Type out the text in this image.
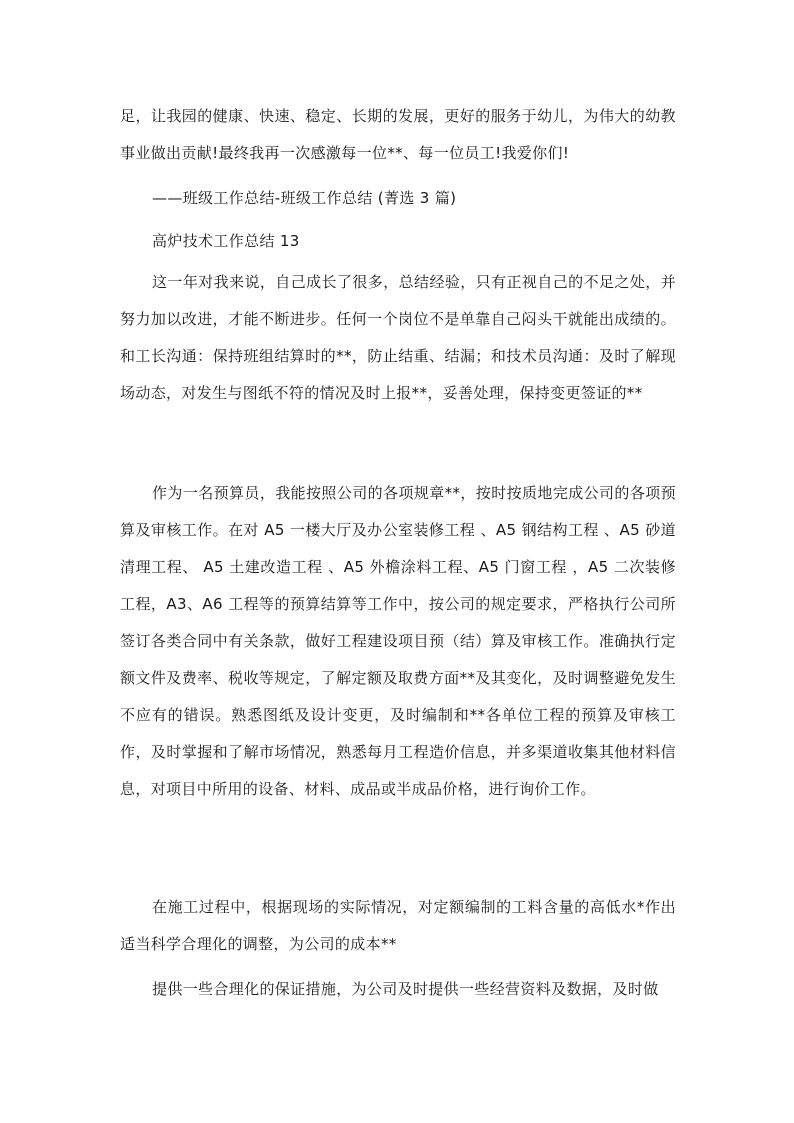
足，让我园的健康、快速、稳定、长期的发展，更好的服务于幼儿，为伟大的幼教事业做出贡献!最终我再一次感激每一位**、每一位员工!我爱你们!

——班级工作总结-班级工作总结 (菁选 3 篇)

高炉技术工作总结 13

这一年对我来说，自己成长了很多，总结经验，只有正视自己的不足之处，并努力加以改进，才能不断进步。任何一个岗位不是单靠自己闷头干就能出成绩的。和工长沟通：保持班组结算时的**，防止结重、结漏；和技术员沟通：及时了解现场动态，对发生与图纸不符的情况及时上报**，妥善处理，保持变更签证的**

作为一名预算员，我能按照公司的各项规章**，按时按质地完成公司的各项预算及审核工作。在对 A5 一楼大厅及办公室装修工程 、A5 钢结构工程 、A5 砂道清理工程、 A5 土建改造工程 、A5 外檐涂料工程、A5 门窗工程 ，A5 二次装修工程，A3、A6 工程等的预算结算等工作中，按公司的规定要求，严格执行公司所签订各类合同中有关条款，做好工程建设项目预（结）算及审核工作。准确执行定额文件及费率、税收等规定，了解定额及取费方面**及其变化，及时调整避免发生不应有的错误。熟悉图纸及设计变更，及时编制和**各单位工程的预算及审核工作，及时掌握和了解市场情况，熟悉每月工程造价信息，并多渠道收集其他材料信息，对项目中所用的设备、材料、成品或半成品价格，进行询价工作。

在施工过程中，根据现场的实际情况，对定额编制的工料含量的高低水*作出适当科学合理化的调整，为公司的成本**

提供一些合理化的保证措施，为公司及时提供一些经营资料及数据，及时做
